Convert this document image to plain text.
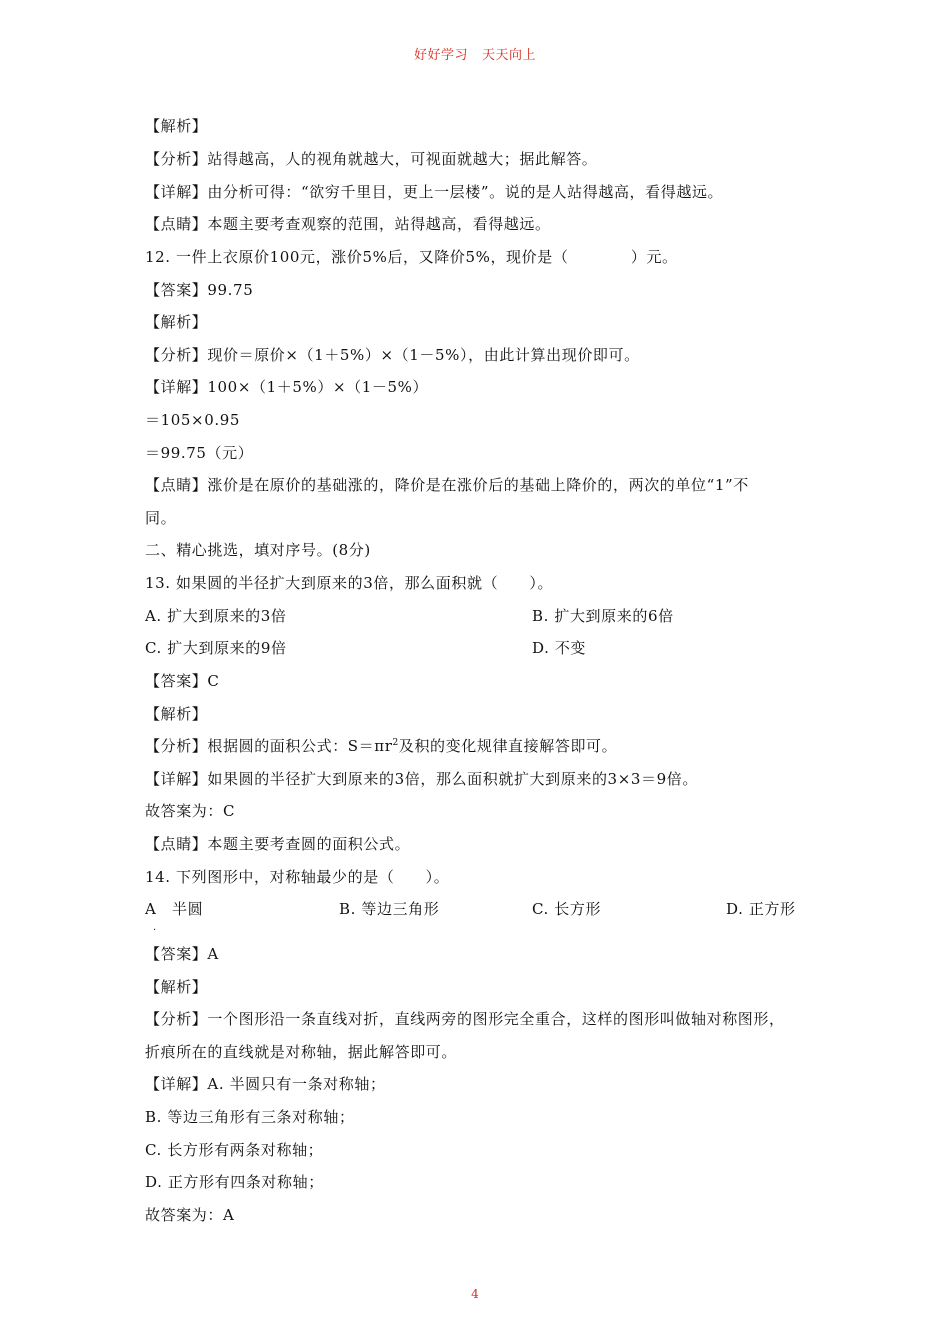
好好学习 天天向上
【解析】
【分析】站得越高，人的视角就越大，可视面就越大；据此解答。
【详解】由分析可得：“欲穷千里目，更上一层楼”。说的是人站得越高，看得越远。
【点睛】本题主要考查观察的范围，站得越高，看得越远。
12. 一件上衣原价100元，涨价5%后，又降价5%，现价是（　　　　）元。
【答案】99.75
【解析】
【分析】现价＝原价×（1＋5%）×（1－5%），由此计算出现价即可。
【详解】100×（1＋5%）×（1－5%）
＝105×0.95
＝99.75（元）
【点睛】涨价是在原价的基础涨的，降价是在涨价后的基础上降价的，两次的单位“1”不
同。
二、精心挑选，填对序号。(8分)
13. 如果圆的半径扩大到原来的3倍，那么面积就（　　）。
A. 扩大到原来的3倍	B. 扩大到原来的6倍
C. 扩大到原来的9倍	D. 不变
【答案】C
【解析】
【分析】根据圆的面积公式：$S=\pi r^2$及积的变化规律直接解答即可。
【详解】如果圆的半径扩大到原来的3倍，那么面积就扩大到原来的3×3＝9倍。
故答案为：C
【点睛】本题主要考查圆的面积公式。
14. 下列图形中，对称轴最少的是（　　）。
A　半圆	B. 等边三角形	C. 长方形	D. 正方形
.
【答案】A
【解析】
【分析】一个图形沿一条直线对折，直线两旁的图形完全重合，这样的图形叫做轴对称图形，
折痕所在的直线就是对称轴，据此解答即可。
【详解】A. 半圆只有一条对称轴；
B. 等边三角形有三条对称轴；
C. 长方形有两条对称轴；
D. 正方形有四条对称轴；
故答案为：A
4
